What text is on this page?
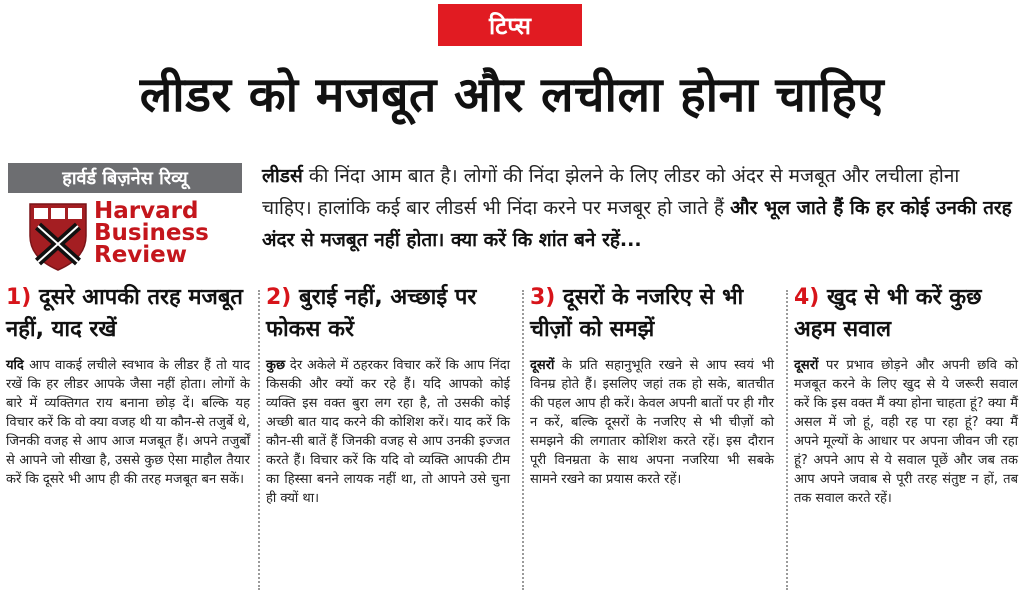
टिप्स
लीडर को मजबूत और लचीला होना चाहिए
हार्वर्ड बिज़नेस रिव्यू
Harvard
Business
Review
लीडर्स की निंदा आम बात है। लोगों की निंदा झेलने के लिए लीडर को अंदर से मजबूत और लचीला होना चाहिए। हालांकि कई बार लीडर्स भी निंदा करने पर मजबूर हो जाते हैं और भूल जाते हैं कि हर कोई उनकी तरह अंदर से मजबूत नहीं होता। क्या करें कि शांत बने रहें...
1) दूसरे आपकी तरह मजबूत नहीं, याद रखें

यदि आप वाकई लचीले स्वभाव के लीडर हैं तो याद रखें कि हर लीडर आपके जैसा नहीं होता। लोगों के बारे में व्यक्तिगत राय बनाना छोड़ दें। बल्कि यह विचार करें कि वो क्या वजह थी या कौन-से तजुर्बे थे, जिनकी वजह से आप आज मजबूत हैं। अपने तजुर्बों से आपने जो सीखा है, उससे कुछ ऐसा माहौल तैयार करें कि दूसरे भी आप ही की तरह मजबूत बन सकें।

2) बुराई नहीं, अच्छाई पर फोकस करें

कुछ देर अकेले में ठहरकर विचार करें कि आप निंदा किसकी और क्यों कर रहे हैं। यदि आपको कोई व्यक्ति इस वक्त बुरा लग रहा है, तो उसकी कोई अच्छी बात याद करने की कोशिश करें। याद करें कि कौन-सी बातें हैं जिनकी वजह से आप उनकी इज्जत करते हैं। विचार करें कि यदि वो व्यक्ति आपकी टीम का हिस्सा बनने लायक नहीं था, तो आपने उसे चुना ही क्यों था।

3) दूसरों के नजरिए से भी चीज़ों को समझें

दूसरों के प्रति सहानुभूति रखने से आप स्वयं भी विनम्र होते हैं। इसलिए जहां तक हो सके, बातचीत की पहल आप ही करें। केवल अपनी बातों पर ही गौर न करें, बल्कि दूसरों के नजरिए से भी चीज़ों को समझने की लगातार कोशिश करते रहें। इस दौरान पूरी विनम्रता के साथ अपना नजरिया भी सबके सामने रखने का प्रयास करते रहें।

4) खुद से भी करें कुछ अहम सवाल

दूसरों पर प्रभाव छोड़ने और अपनी छवि को मजबूत करने के लिए खुद से ये जरूरी सवाल करें कि इस वक्त मैं क्या होना चाहता हूं? क्या मैं असल में जो हूं, वही रह पा रहा हूं? क्या मैं अपने मूल्यों के आधार पर अपना जीवन जी रहा हूं? अपने आप से ये सवाल पूछें और जब तक आप अपने जवाब से पूरी तरह संतुष्ट न हों, तब तक सवाल करते रहें।
